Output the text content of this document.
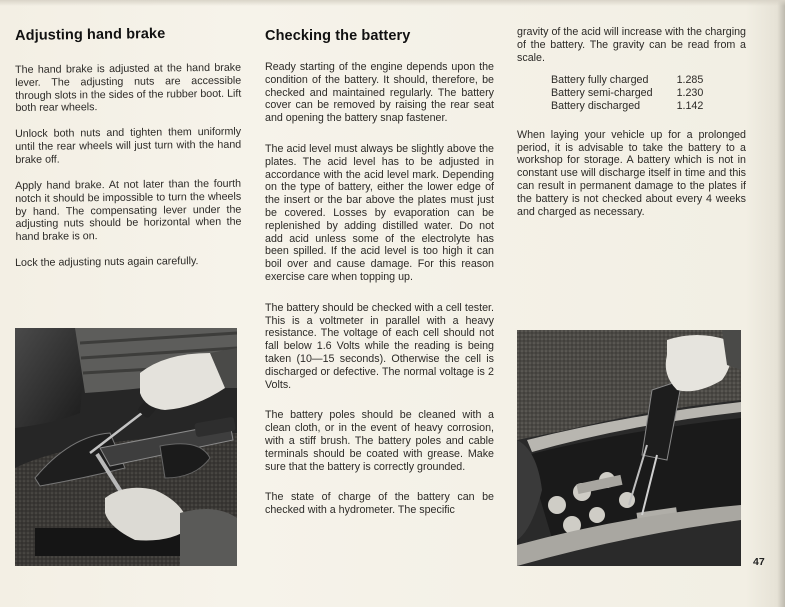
Adjusting hand brake

The hand brake is adjusted at the hand brake lever. The adjusting nuts are accessible through slots in the sides of the rubber boot. Lift both rear wheels.

Unlock both nuts and tighten them uniformly until the rear wheels will just turn with the hand brake off.

Apply hand brake. At not later than the fourth notch it should be impossible to turn the wheels by hand. The compensating lever under the adjusting nuts should be horizontal when the hand brake is on.

Lock the adjusting nuts again carefully.

Checking the battery

Ready starting of the engine depends upon the condition of the battery. It should, therefore, be checked and maintained regularly. The battery cover can be removed by raising the rear seat and opening the battery snap fastener.

The acid level must always be slightly above the plates. The acid level has to be adjusted in accordance with the acid level mark. Depending on the type of battery, either the lower edge of the insert or the bar above the plates must just be covered. Losses by evaporation can be replenished by adding distilled water. Do not add acid unless some of the electrolyte has been spilled. If the acid level is too high it can boil over and cause damage. For this reason exercise care when topping up.

The battery should be checked with a cell tester. This is a voltmeter in parallel with a heavy resistance. The voltage of each cell should not fall below 1.6 Volts while the reading is being taken (10—15 seconds). Otherwise the cell is discharged or defective. The normal voltage is 2 Volts.

The battery poles should be cleaned with a clean cloth, or in the event of heavy corrosion, with a stiff brush. The battery poles and cable terminals should be coated with grease. Make sure that the battery is correctly grounded.

The state of charge of the battery can be checked with a hydrometer. The specific

gravity of the acid will increase with the charging of the battery. The gravity can be read from a scale.

Battery fully charged	1.285
Battery semi-charged	1.230
Battery discharged	1.142

When laying your vehicle up for a prolonged period, it is advisable to take the battery to a workshop for storage. A battery which is not in constant use will discharge itself in time and this can result in permanent damage to the plates if the battery is not checked about every 4 weeks and charged as necessary.

47
